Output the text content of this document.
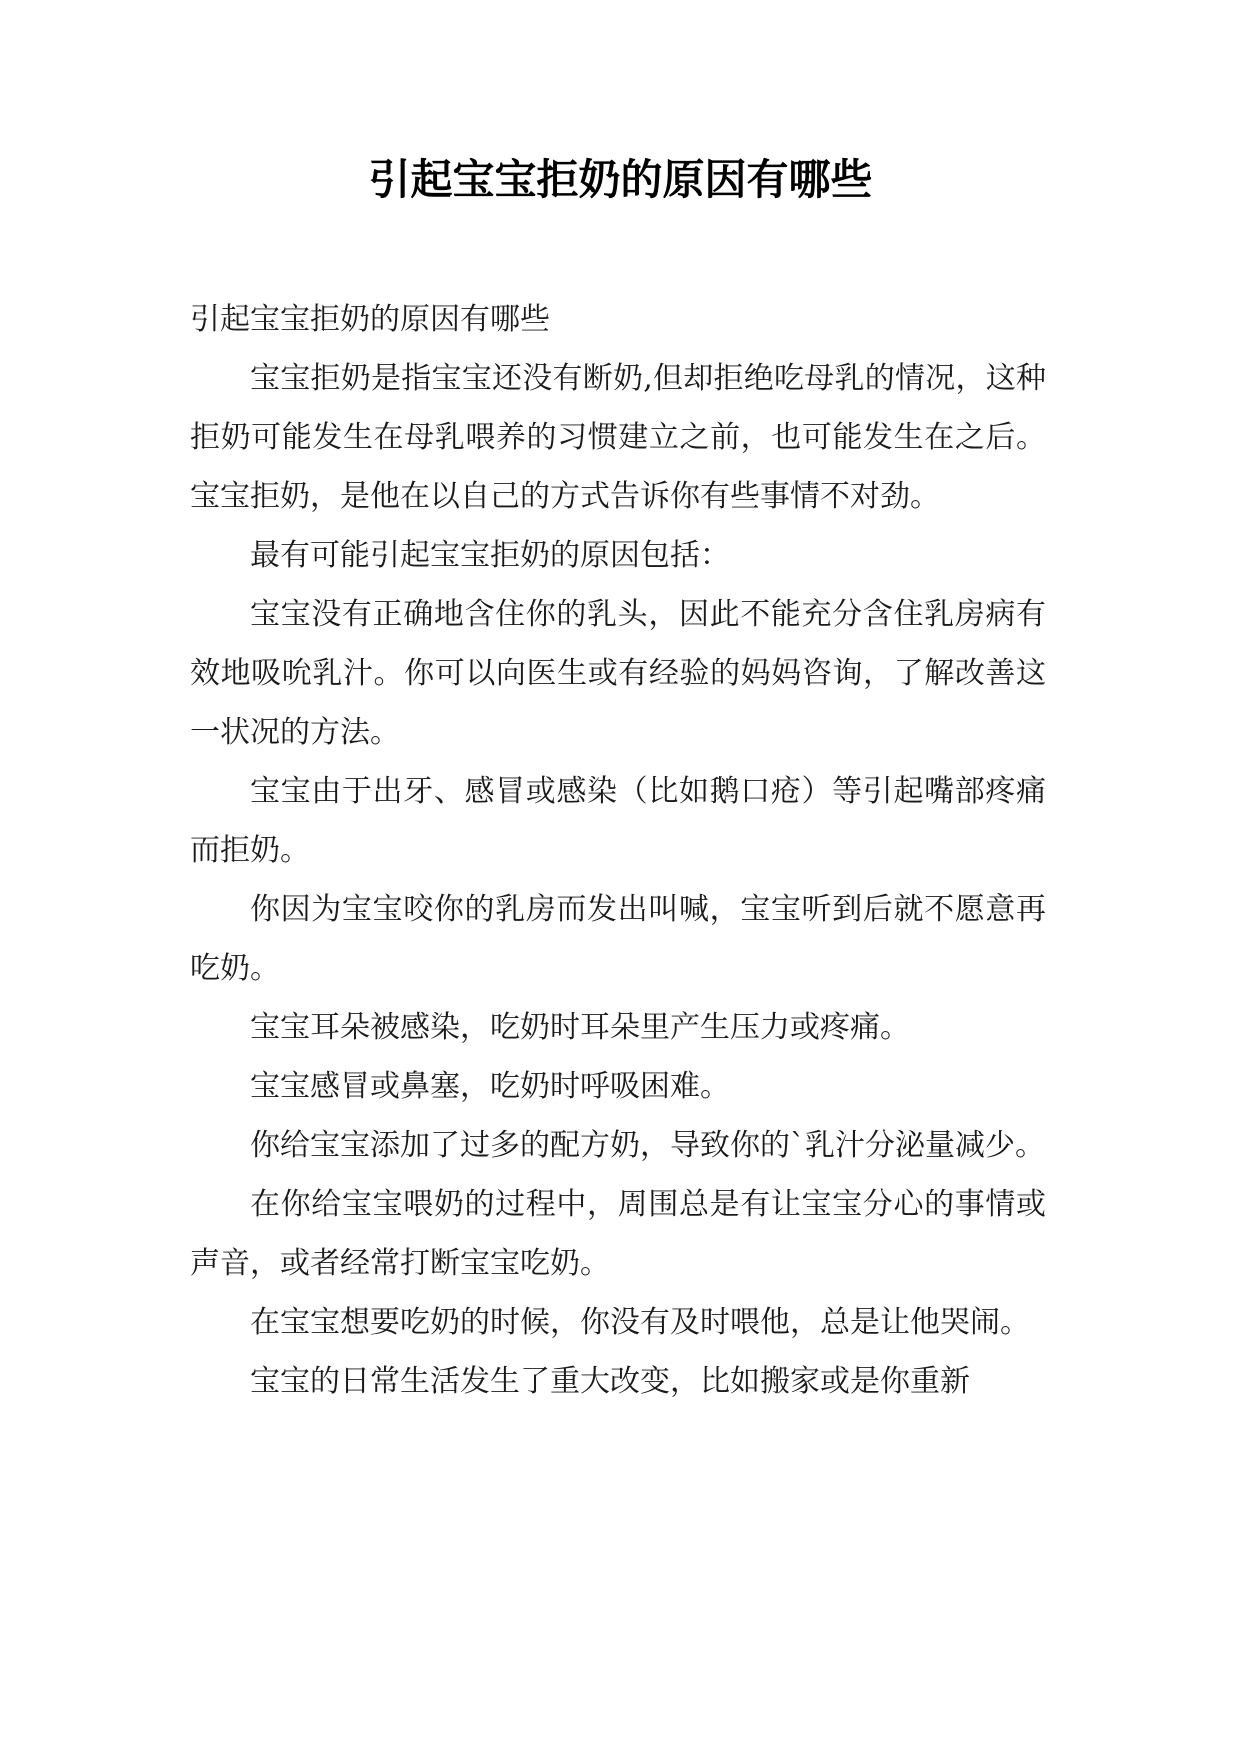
引起宝宝拒奶的原因有哪些

引起宝宝拒奶的原因有哪些

宝宝拒奶是指宝宝还没有断奶,但却拒绝吃母乳的情况，这种拒奶可能发生在母乳喂养的习惯建立之前，也可能发生在之后。宝宝拒奶，是他在以自己的方式告诉你有些事情不对劲。

最有可能引起宝宝拒奶的原因包括：

宝宝没有正确地含住你的乳头，因此不能充分含住乳房病有效地吸吮乳汁。你可以向医生或有经验的妈妈咨询，了解改善这一状况的方法。

宝宝由于出牙、感冒或感染（比如鹅口疮）等引起嘴部疼痛而拒奶。

你因为宝宝咬你的乳房而发出叫喊，宝宝听到后就不愿意再吃奶。

宝宝耳朵被感染，吃奶时耳朵里产生压力或疼痛。

宝宝感冒或鼻塞，吃奶时呼吸困难。

你给宝宝添加了过多的配方奶，导致你的`乳汁分泌量减少。

在你给宝宝喂奶的过程中，周围总是有让宝宝分心的事情或声音，或者经常打断宝宝吃奶。

在宝宝想要吃奶的时候，你没有及时喂他，总是让他哭闹。

宝宝的日常生活发生了重大改变，比如搬家或是你重新
